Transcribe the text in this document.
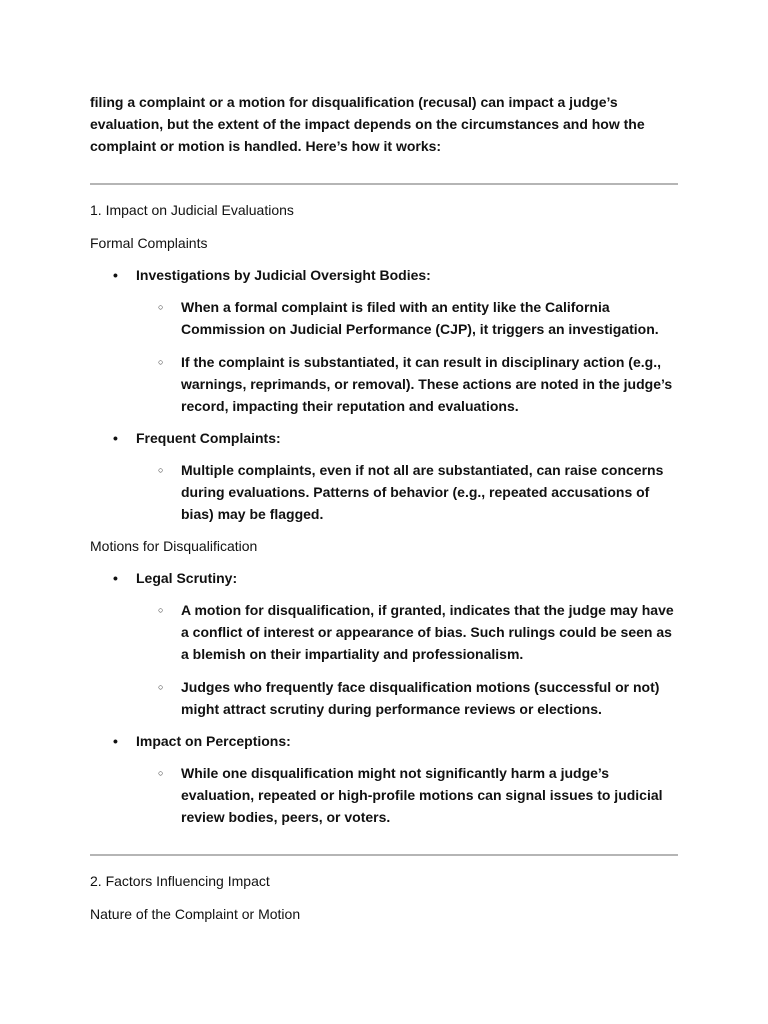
filing a complaint or a motion for disqualification (recusal) can impact a judge’s evaluation, but the extent of the impact depends on the circumstances and how the complaint or motion is handled. Here’s how it works:

1. Impact on Judicial Evaluations
Formal Complaints
• Investigations by Judicial Oversight Bodies:
○ When a formal complaint is filed with an entity like the California Commission on Judicial Performance (CJP), it triggers an investigation.
○ If the complaint is substantiated, it can result in disciplinary action (e.g., warnings, reprimands, or removal). These actions are noted in the judge’s record, impacting their reputation and evaluations.
• Frequent Complaints:
○ Multiple complaints, even if not all are substantiated, can raise concerns during evaluations. Patterns of behavior (e.g., repeated accusations of bias) may be flagged.
Motions for Disqualification
• Legal Scrutiny:
○ A motion for disqualification, if granted, indicates that the judge may have a conflict of interest or appearance of bias. Such rulings could be seen as a blemish on their impartiality and professionalism.
○ Judges who frequently face disqualification motions (successful or not) might attract scrutiny during performance reviews or elections.
• Impact on Perceptions:
○ While one disqualification might not significantly harm a judge’s evaluation, repeated or high-profile motions can signal issues to judicial review bodies, peers, or voters.
2. Factors Influencing Impact
Nature of the Complaint or Motion
